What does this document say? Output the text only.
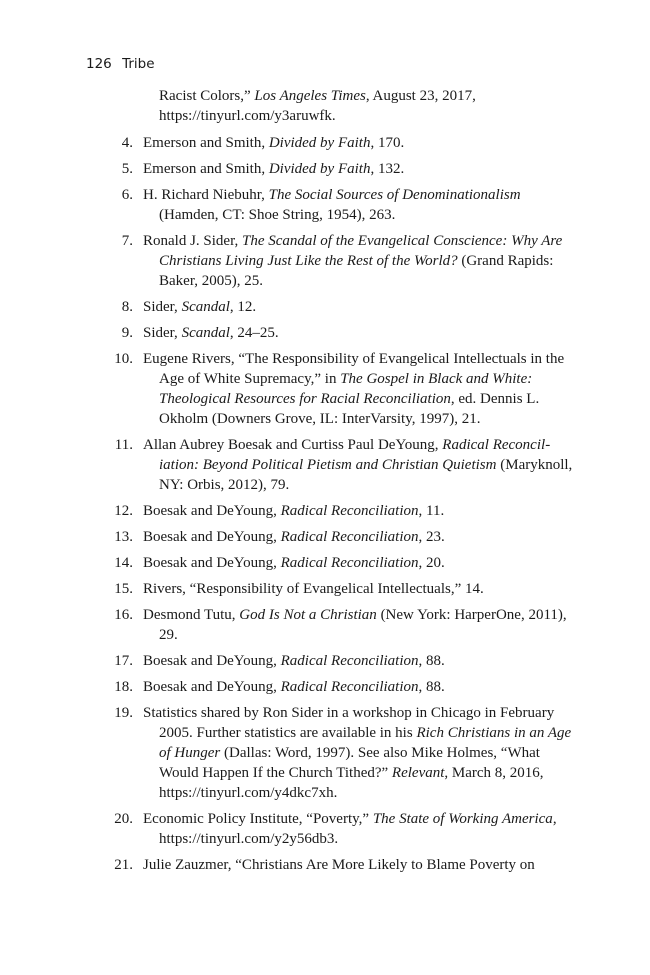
126 Tribe

Racist Colors,” Los Angeles Times, August 23, 2017, https://tinyurl.com/y3aruwfk.

4. Emerson and Smith, Divided by Faith, 170.

5. Emerson and Smith, Divided by Faith, 132.

6. H. Richard Niebuhr, The Social Sources of Denominationalism (Hamden, CT: Shoe String, 1954), 263.

7. Ronald J. Sider, The Scandal of the Evangelical Conscience: Why Are Christians Living Just Like the Rest of the World? (Grand Rapids: Baker, 2005), 25.

8. Sider, Scandal, 12.

9. Sider, Scandal, 24–25.

10. Eugene Rivers, “The Responsibility of Evangelical Intellectuals in the Age of White Supremacy,” in The Gospel in Black and White: Theological Resources for Racial Reconciliation, ed. Dennis L. Okholm (Downers Grove, IL: InterVarsity, 1997), 21.

11. Allan Aubrey Boesak and Curtiss Paul DeYoung, Radical Reconciliation: Beyond Political Pietism and Christian Quietism (Maryknoll, NY: Orbis, 2012), 79.

12. Boesak and DeYoung, Radical Reconciliation, 11.

13. Boesak and DeYoung, Radical Reconciliation, 23.

14. Boesak and DeYoung, Radical Reconciliation, 20.

15. Rivers, “Responsibility of Evangelical Intellectuals,” 14.

16. Desmond Tutu, God Is Not a Christian (New York: HarperOne, 2011), 29.

17. Boesak and DeYoung, Radical Reconciliation, 88.

18. Boesak and DeYoung, Radical Reconciliation, 88.

19. Statistics shared by Ron Sider in a workshop in Chicago in February 2005. Further statistics are available in his Rich Christians in an Age of Hunger (Dallas: Word, 1997). See also Mike Holmes, “What Would Happen If the Church Tithed?” Relevant, March 8, 2016, https://tinyurl.com/y4dkc7xh.

20. Economic Policy Institute, “Poverty,” The State of Working America, https://tinyurl.com/y2y56db3.

21. Julie Zauzmer, “Christians Are More Likely to Blame Poverty on
